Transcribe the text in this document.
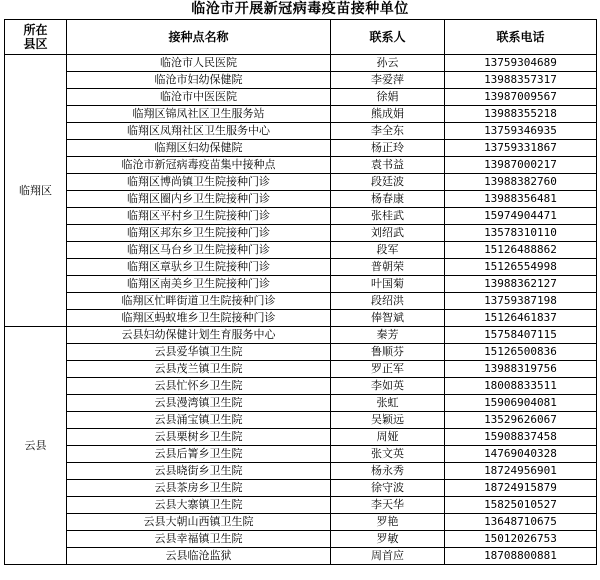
临沧市开展新冠病毒疫苗接种单位
所在县区	接种点名称	联系人	联系电话
临翔区	临沧市人民医院	孙云	13759304689
	临沧市妇幼保健院	李爱萍	13988357317
	临沧市中医医院	徐娟	13987009567
	临翔区锦凤社区卫生服务站	熊成娟	13988355218
	临翔区凤翔社区卫生服务中心	李全东	13759346935
	临翔区妇幼保健院	杨正玲	13759331867
	临沧市新冠病毒疫苗集中接种点	袁书益	13987000217
	临翔区博尚镇卫生院接种门诊	段廷波	13988382760
	临翔区圈内乡卫生院接种门诊	杨春康	13988356481
	临翔区平村乡卫生院接种门诊	张桂武	15974904471
	临翔区邦东乡卫生院接种门诊	刘绍武	13578310110
	临翔区马台乡卫生院接种门诊	段军	15126488862
	临翔区章驮乡卫生院接种门诊	普朝荣	15126554998
	临翔区南美乡卫生院接种门诊	叶国菊	13988362127
	临翔区忙畔街道卫生院接种门诊	段绍洪	13759387198
	临翔区蚂蚁堆乡卫生院接种门诊	俸智斌	15126461837
云县	云县妇幼保健计划生育服务中心	秦芳	15758407115
	云县爱华镇卫生院	鲁顺芬	15126500836
	云县茂兰镇卫生院	罗正军	13988319756
	云县忙怀乡卫生院	李如英	18008833511
	云县漫湾镇卫生院	张虹	15906904081
	云县涌宝镇卫生院	吴颖远	13529626067
	云县栗树乡卫生院	周娅	15908837458
	云县后箐乡卫生院	张文英	14769040328
	云县晓街乡卫生院	杨永秀	18724956901
	云县茶房乡卫生院	徐守波	18724915879
	云县大寨镇卫生院	李天华	15825010527
	云县大朝山西镇卫生院	罗艳	13648710675
	云县幸福镇卫生院	罗敏	15012026753
	云县临沧监狱	周首应	18708800881
